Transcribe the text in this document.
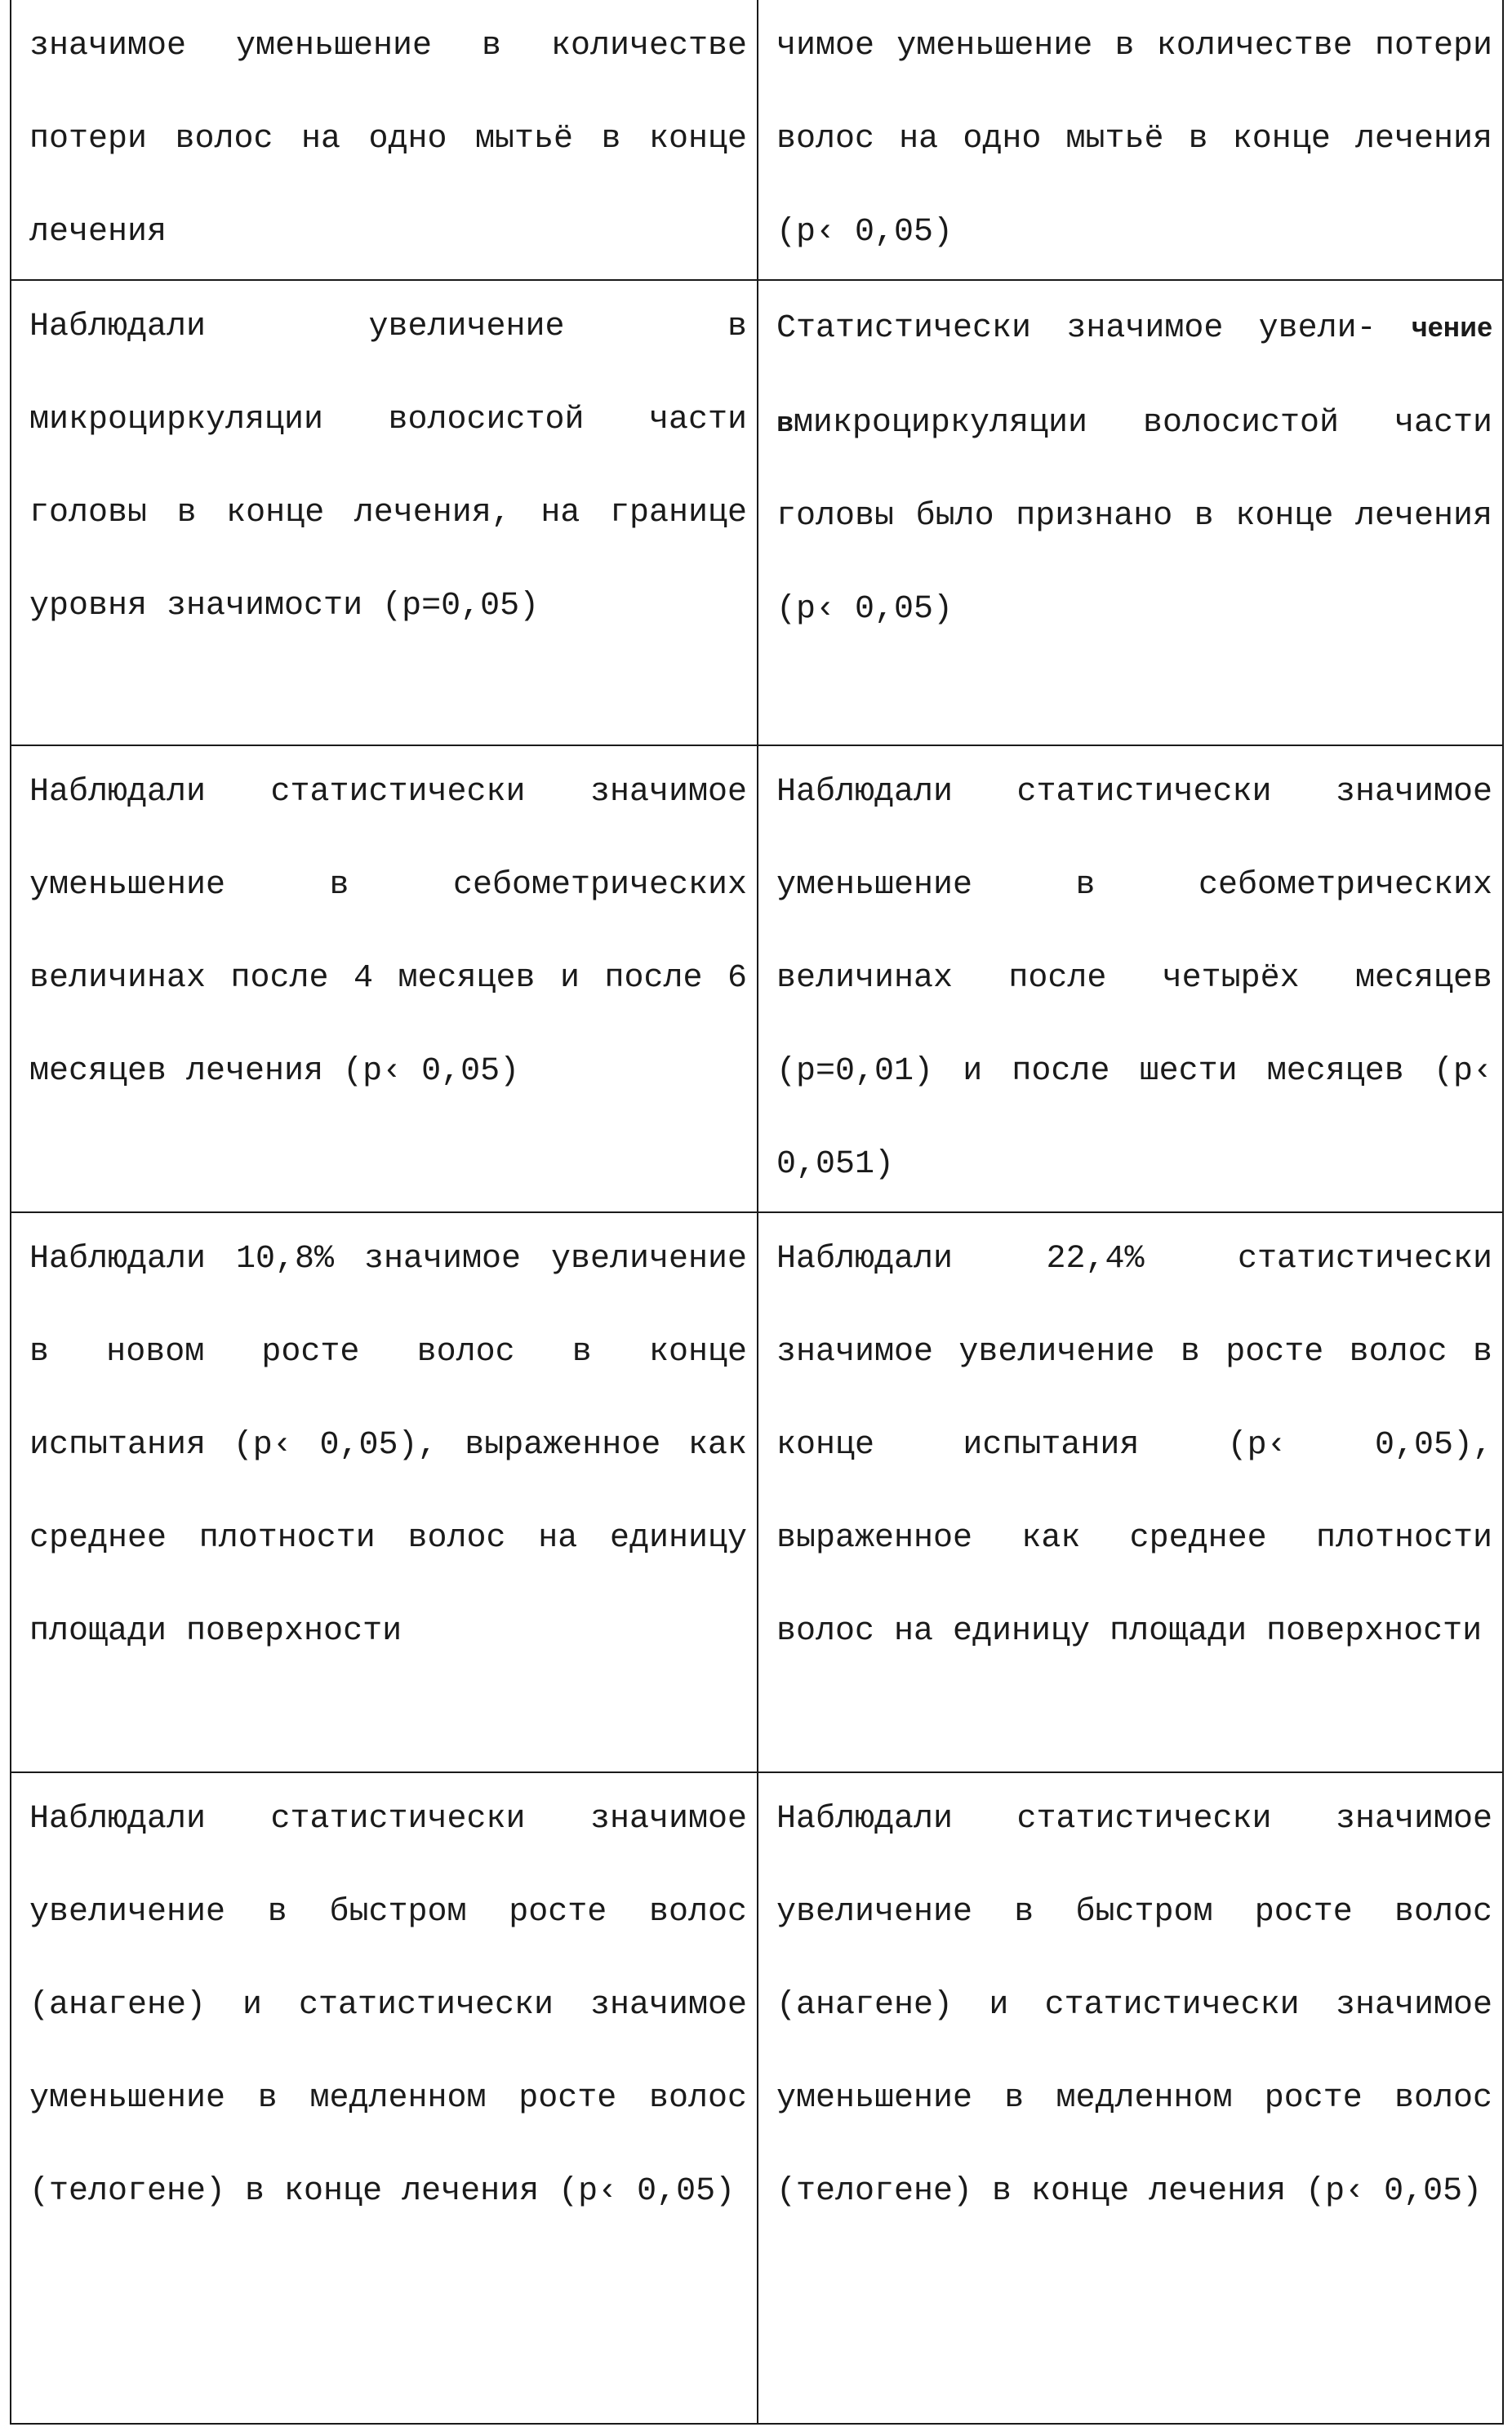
значимое уменьшение в количестве потери волос на одно мытьё в конце лечения

чимое уменьшение в количестве потери волос на одно мытьё в конце лечения (p‹ 0,05)

Наблюдали увеличение в микроциркуляции волосистой части головы в конце лечения, на границе уровня значимости (p=0,05)

Статистически значимое увели- чение вмикроциркуляции волосистой части головы было признано в конце лечения (p‹ 0,05)

Наблюдали статистически значимое уменьшение в себометрических величинах после 4 месяцев и после 6 месяцев лечения (p‹ 0,05)

Наблюдали статистически значимое уменьшение в себометрических величинах после четырёх месяцев (p=0,01) и после шести месяцев (p‹ 0,051)

Наблюдали 10,8% значимое увеличение в новом росте волос в конце испытания (p‹ 0,05), выраженное как среднее плотности волос на единицу площади поверхности

Наблюдали 22,4% статистически значимое увеличение в росте волос в конце испытания (p‹ 0,05), выраженное как среднее плотности волос на единицу площади поверхности

Наблюдали статистически значимое увеличение в быстром росте волос (анагене) и статистически значимое уменьшение в медленном росте волос (телогене) в конце лечения (p‹ 0,05)

Наблюдали статистически значимое увеличение в быстром росте волос (анагене) и статистически значимое уменьшение в медленном росте волос (телогене) в конце лечения (p‹ 0,05)
